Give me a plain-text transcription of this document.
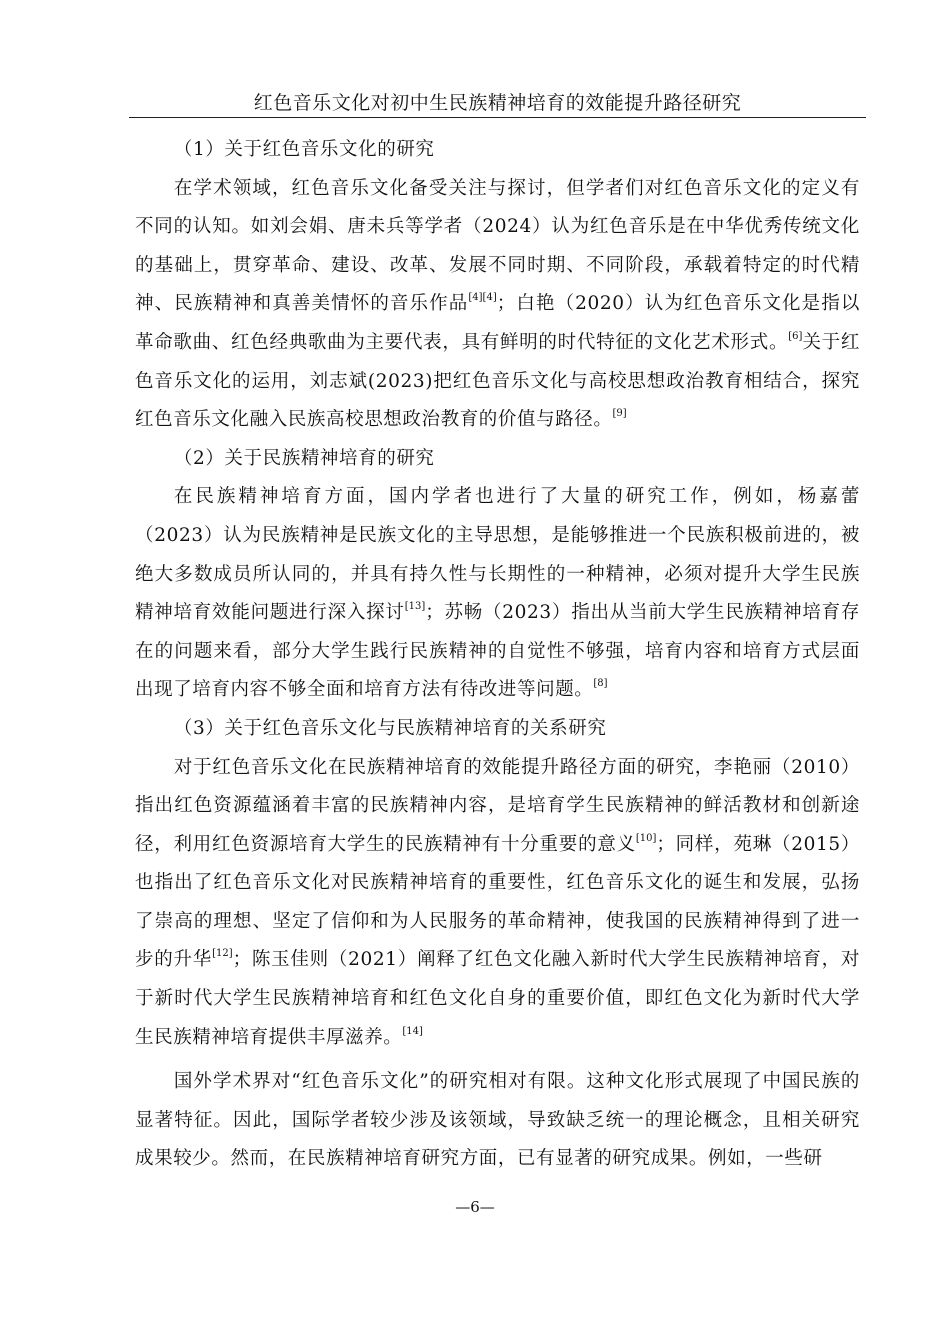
红色音乐文化对初中生民族精神培育的效能提升路径研究

（1）关于红色音乐文化的研究

在学术领域，红色音乐文化备受关注与探讨，但学者们对红色音乐文化的定义有不同的认知。如刘会娟、唐未兵等学者（2024）认为红色音乐是在中华优秀传统文化的基础上，贯穿革命、建设、改革、发展不同时期、不同阶段，承载着特定的时代精神、民族精神和真善美情怀的音乐作品[4][4]；白艳（2020）认为红色音乐文化是指以革命歌曲、红色经典歌曲为主要代表，具有鲜明的时代特征的文化艺术形式。[6]关于红色音乐文化的运用，刘志斌(2023)把红色音乐文化与高校思想政治教育相结合，探究红色音乐文化融入民族高校思想政治教育的价值与路径。[9]

（2）关于民族精神培育的研究

在民族精神培育方面，国内学者也进行了大量的研究工作，例如，杨嘉蕾（2023）认为民族精神是民族文化的主导思想，是能够推进一个民族积极前进的，被绝大多数成员所认同的，并具有持久性与长期性的一种精神，必须对提升大学生民族精神培育效能问题进行深入探讨[13]；苏畅（2023）指出从当前大学生民族精神培育存在的问题来看，部分大学生践行民族精神的自觉性不够强，培育内容和培育方式层面出现了培育内容不够全面和培育方法有待改进等问题。[8]

（3）关于红色音乐文化与民族精神培育的关系研究

对于红色音乐文化在民族精神培育的效能提升路径方面的研究，李艳丽（2010）指出红色资源蕴涵着丰富的民族精神内容，是培育学生民族精神的鲜活教材和创新途径，利用红色资源培育大学生的民族精神有十分重要的意义[10]；同样，苑琳（2015）也指出了红色音乐文化对民族精神培育的重要性，红色音乐文化的诞生和发展，弘扬了崇高的理想、坚定了信仰和为人民服务的革命精神，使我国的民族精神得到了进一步的升华[12]；陈玉佳则（2021）阐释了红色文化融入新时代大学生民族精神培育，对于新时代大学生民族精神培育和红色文化自身的重要价值，即红色文化为新时代大学生民族精神培育提供丰厚滋养。[14]

国外学术界对“红色音乐文化”的研究相对有限。这种文化形式展现了中国民族的显著特征。因此，国际学者较少涉及该领域，导致缺乏统一的理论概念，且相关研究成果较少。然而，在民族精神培育研究方面，已有显著的研究成果。例如，一些研

—6—
